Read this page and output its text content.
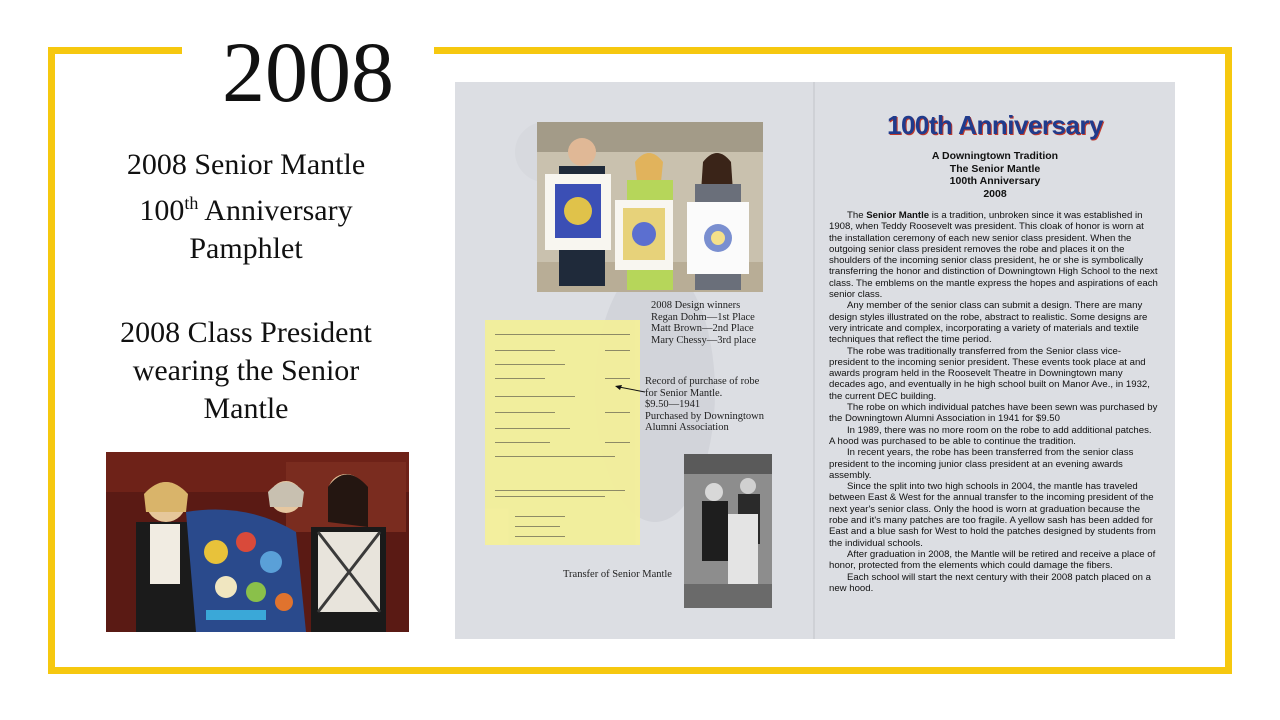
2008
2008 Senior Mantle
100th Anniversary
Pamphlet
2008 Class President
wearing the Senior
Mantle
2008 Design winners
Regan Dohm—1st Place
Matt Brown—2nd Place
Mary Chessy—3rd place
Record of purchase of robe
for Senior Mantle.
$9.50—1941
Purchased by Downingtown
Alumni Association
Transfer of Senior Mantle
100th Anniversary
A Downingtown Tradition
The Senior Mantle
100th Anniversary
2008

The Senior Mantle is a tradition, unbroken since it was established in 1908, when Teddy Roosevelt was president. This cloak of honor is worn at the installation ceremony of each new senior class president. When the outgoing senior class president removes the robe and places it on the shoulders of the incoming senior class president, he or she is symbolically transferring the honor and distinction of Downingtown High School to the next class. The emblems on the mantle express the hopes and aspirations of each senior class.

Any member of the senior class can submit a design. There are many design styles illustrated on the robe, abstract to realistic. Some designs are very intricate and complex, incorporating a variety of materials and textile techniques that reflect the time period.

The robe was traditionally transferred from the Senior class vice-president to the incoming senior president. These events took place at and awards program held in the Roosevelt Theatre in Downingtown many decades ago, and eventually in he high school built on Manor Ave., in 1932, the current DEC building.

The robe on which individual patches have been sewn was purchased by the Downingtown Alumni Association in 1941 for $9.50

In 1989, there was no more room on the robe to add additional patches. A hood was purchased to be able to continue the tradition.

In recent years, the robe has been transferred from the senior class president to the incoming junior class president at an evening awards assembly.

Since the split into two high schools in 2004, the mantle has traveled between East & West for the annual transfer to the incoming president of the next year's senior class. Only the hood is worn at graduation because the robe and it's many patches are too fragile. A yellow sash has been added for East and a blue sash for West to hold the patches designed by students from the individual schools.

After graduation in 2008, the Mantle will be retired and receive a place of honor, protected from the elements which could damage the fibers.

Each school will start the next century with their 2008 patch placed on a new hood.
